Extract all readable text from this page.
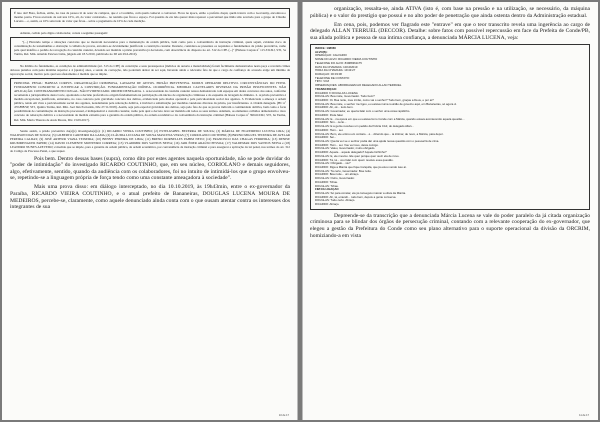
É isso daí! Bota, fechou, então, na casa da pessoa lá do setor de compras, que é o Coutinho, com quem comecei a conversar. Ficou na época, então o prefeito daqui, quem tratava com o Geovanny, encontrou o mesmo ponto. Ficou acertado de sair uns 10%, ali, do valor contratado... na reunião que ficou o espaço. Foi questão de ele não querer mais repassar o percentual que tinha sido acertado para o grupo de Cláudio Lucena ... e, assim, os 10% saiu tudo do valor que ficou... sobre o pagamento de 10% de cada medição.

Adiante, cedido pelo digno colaborador, consta a seguinte passagem:

"(...) Havendo tempo e situações concretas que se mostram necessárias para a manutenção da ordem pública, bem como para a conveniência da instrução criminal, quais sejam, evidente risco de contaminação de testemunhas e obstrução à colheita de provas, encontra-se devidamente justificada a constrição cautelar. Destarte, considera-se presentes os requisitos e fundamentos da prisão preventiva, razão pela qual indefiro o pedido de revogação da custódia cautelar, devendo ser mantida a prisão preventiva já decretada, com observância do disposto no art. 312 do CPP. (...)" (Habeas Corpus nº 115.331/RJ, STJ, 5a Turma, Rel. Min. Arnaldo Esteves Lima, julgado em 18.5.2010, publicado no DJ em 29.6.2010).

No âmbito do fundamento, as condições de admissibilidade (art. 313 do CPP) da constrição e seus pressupostos (indícios de autoria e materialidade) foram facilmente demonstrados nesta peça e revelam crimes dolosos punidos com pena máxima superior a 4 (quatro) anos, e sendo de corrupção, não poderiam deixar de ser aqui, havendo ainda o relevante fato de que o cargo de confiança do acusado exige um mínimo de reprovação social, motivo pelo qual seu afastamento é medida que se impõe.

PRINCIPAL PENAL: HABEAS CORPUS. ORGANIZAÇÃO CRIMINOSA, LAVAGEM DE ATIVOS. PRISÃO PREVENTIVA. MODUS OPERANDI DELITIVO. CIRCUNSTÂNCIAS DO FEITO. FUNDAMENTO CONCRETO A JUSTIFICAR A CONSTRIÇÃO. FUNDAMENTAÇÃO IDÔNEA. OCORRÊNCIA. MEDIDAS CAUTELARES DIVERSAS DA PRISÃO INSUFICIENTES. NÃO APLICAÇÃO. CONSTRANGIMENTO ILEGAL. NÃO EVIDENCIADO. ORDEM DENEGADA. 1. A necessidade da custódia cautelar restou demonstrada com espeque em dados concretos dos autos, conforme recomenda a jurisprudência desta Corte, apontando a decisão proferida no origem fundamentada na participação em núcleo de organização criminosa e do esquema de lavagem de dinheiro. 2. A prisão preventiva é medida excepcional, justificada, entretanto, no caso concreto pela gravidade concreta dos delitos, evidenciada pelo modus operandi e pela periculosidade social dos agentes. 3. Evidenciada a ameaça à ordem pública, tendo em vista a periculosidade social dos agentes, notadamente pela reiteração delitiva, é inviável a substituição por medidas cautelares diversas da prisão, por insuficientes. 4. Ordem denegada. (HC nº 470.888/SP, STJ, Quinta Turma, Rel. Min. Joel Ilan Paciornik, DJe 27/11/2018). Assim, seja pela especial gravidade dos delitos, seja pelo fato de que as provas indicam a continuidade delitiva, bem como a forte possibilidade de contaminação da instrução processual, é indispensável a custódia cautelar, razão pela qual o decreto deve ser mantido em todos os seus termos. Ademais, os elementos colhidos demonstram o risco concreto de reiteração delitiva e a necessidade da medida extrema para a garantia da ordem pública, da ordem econômica e da conveniência da instrução criminal (Habeas Corpus nº 399.610/RJ, STJ, 6a Turma, Rel. Min. Maria Thereza de Assis Moura, DJe 13.09.2017).

Sendo assim, a prisão preventiva do(a)(s) investigado(a)(s): (1) RICARDO VIEIRA COUTINHO; (2) ESTELIZABEL BEZERRA DE SOUZA; (3) MÁRCIA DE FIGUEIREDO LUCENA LIRA; (4) WALDSON DIAS DE SOUZA; (5) GILBERTO CARNEIRO DA GAMA; (6) CLÁUDIA LUCIANA DE SOUSA MASCENA VERAS; (7) CORIOLANO COUTINHO; (8) BRUNO MIGUEL TEIXEIRA DE AVELAR PEREIRA CALDAS; (9) JOSÉ ARTHUR VIANA TEIXEIRA; (10) BENNY PEREIRA DE LIMA; (11) BRENO DORNELLES PAHIM NETO; (12) FRANCISCO DAS CHAGAS FERREIRA; (13) DENISE KRUMMENAUER PAHIM; (14) DAVID CLEMENTE MONTEIRO CORREIA; (15) VLADIMIR DOS SANTOS NEIVA; (16) JAIR ÉDER ARAÚJO PESSOA; (17) VALDEMAR DOS SANTOS NEIVA e (18) LEANDRO NUNES AZEVEDO; é medida que se impõe, para a garantia da ordem pública, da ordem econômica, por conveniência da instrução criminal e para assegurar a aplicação da lei penal, nos termos do art. 312 do Código de Processo Penal, o que requer.

Pois bem. Dentro dessas bases (supra), como dito por estes agentes naquela oportunidade, não se pode duvidar do "poder de intimidação" do investigado RICARDO COUTINHO, que, em seu núcleo, CORIOLANO e demais seguidores, algo, efetivamente, sentido, quando da audiência com os colaboradores, foi no intuito de intimidá-los que o grupo envolveu-se, repetindo-se a linguagem própria de força tendo como uma constante ameaçadora à sociedade".

Mais uma prova disso: em diálogo interceptado, no dia 10.10.2019, às 19h43min, entre o ex-governador da Paraíba, RICARDO VIEIRA COUTINHO, e o atual prefeito de Bananeiras, DOUGLAS LUCENA MOURA DE MEDEIROS, percebe-se, claramente, como aquele denunciado ainda conta com o que ousam atentar contra os interesses dos integrantes de sua

10 de 17

organização, ressalta-se, ainda ATIVA (isto é, com base na pressão e na utilização, se necessário, da máquina pública) e o valor do prestígio que possui e no alto poder de penetração que ainda ostenta dentro da Administração estadual.

Em cena, pois, podemos ver flagrado este "entrave" em que o teor transcrito revela uma ingerência ao cargo de delegado ALLAN TERRUEL (DECCOR). Detalhe: sobre fatos com possível repercussão em face da Prefeita de Conde/PB, sua aliada política e pessoa de sua íntima confiança, a denunciada MÁRCIA LUCENA, veja:

ÍNDICE: 138060
ALVO(S):
OPERAÇÃO: CALVÁRIO
NOME DO ALVO: RICARDO VIEIRA COUTINHO
TELEFONE DO ALVO: 83988361175
DATA DA CHAMADA: 10/10/2019
HORA DA CHAMADA: 19:43:27
DURAÇÃO: 00:03:08
TELEFONE DE CONTATO:
TIPO: VOZ
OBSERVAÇÕES: ABORDAGEM AO DELEGADO ALLAN TERRUEL
TRANSCRIÇÃO:
RICARDO X DOUGLAS LUCENA
DOUGLAS: Boa noite, Governador. Tudo bem?
RICARDO: Oi. Boa noite, meu irmão, como vai o senhor? Tudo bem, graças a Deus, e por aí?
DOUGLAS: Boa noite, o senhor me ligou, eu estava numa reunião de governo aqui, em Bananeiras, só agora vi.
RICARDO: Ah, ok... tudo bem.
DOUGLAS: Governador, eu queria falar com o senhor uma coisa rapidinho.
RICARDO: Pode falar.
DOUGLAS: É... na época em que eu estava lá no Conde com a Márcia, quando estava acontecendo aquela questão...
RICARDO: Sim... certo...
DOUGLAS: E a gente recebeu um pedido da Polícia Civil, do delegado Allan...
RICARDO: Hum... sei.
DOUGLAS: Bom, ele entrou em contato... é... dizendo que... ia intimar, de novo, a Márcia, para depor.
RICARDO: Sei...
DOUGLAS: Queria ver se o senhor podia dar uma ajuda nessa questão com o pessoal lá de cima.
RICARDO: Hum... sei. Vou ver isso, deixa comigo.
DOUGLAS: Valeu, Governador, muito obrigado.
RICARDO: Aquele... aquele delegado? Aquele bichinho?
DOUGLAS: É, ele mesmo. Ele quer porque quer ouvir ela de novo.
RICARDO: Tá, tá... vou falar com quem resolve essa questão.
DOUGLAS: Obrigado... viu?
RICARDO: Diga a Márcia que fique tranquila, que já estou vendo isso aí.
DOUGLAS: Tá certo, Governador. Boa noite.
RICARDO: Boa noite... um abraço.
DOUGLAS: Outro, Governador.
RICARDO: Tchau.
DOUGLAS: Tchau.
FIM DA LIGAÇÃO
DOUGLAS: Só para constar, ele já conseguiu marcar a oitiva da Márcia.
RICARDO: Ah, tá, entendi... tudo bem, depois a gente conversa.
DOUGLAS: Tudo certo. Abraço.
RICARDO: Abraço.

Depreende-se da transcrição que a denunciada Márcia Lucena se vale do poder paralelo da já citada organização criminosa para se blindar dos órgãos de persecução criminal, contando com a relevante cooperação do ex-governador, que elegeu a gestão da Prefeitura do Conde como seu plano alternativo para o suporte operacional da divisão da ORCRIM, homiziando-a em vista

11 de 17
